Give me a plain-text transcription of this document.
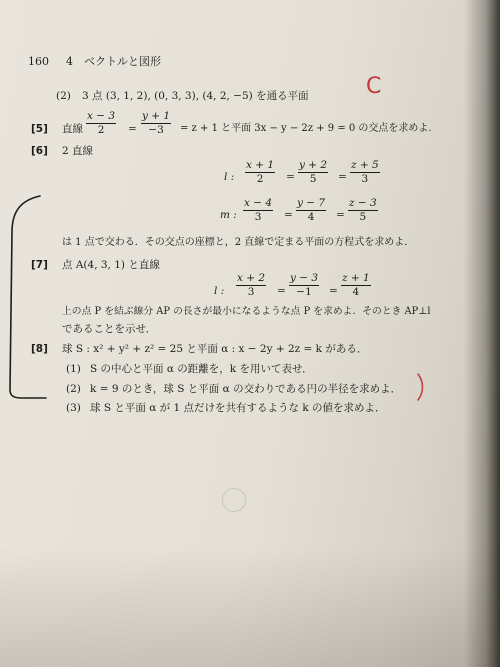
160 4　ベクトルと図形
(2) 3 点 (3, 1, 2), (0, 3, 3), (4, 2, −5) を通る平面	C
[5] 直線
x − 3
2 =
y + 1
−3 = z + 1 と平面 3x − y − 2z + 9 = 0 の交点を求めよ.
[6] 2 直線
l :
x + 1
2 =
y + 2
5 =
z + 5
3
m :
x − 4
3 =
y − 7
4 =
z − 3
5
は 1 点で交わる．その交点の座標と，2 直線で定まる平面の方程式を求めよ．
[7] 点 A(4, 3, 1) と直線
l :
x + 2
3 =
y − 3
−1 =
z + 1
4
上の点 P を結ぶ線分 AP の長さが最小になるような点 P を求めよ．そのとき AP⊥l
であることを示せ．
[8] 球 S : x² + y² + z² = 25 と平面 α : x − 2y + 2z = k がある．
(1) S の中心と平面 α の距離を，k を用いて表せ．
(2) k = 9 のとき，球 S と平面 α の交わりである円の半径を求めよ．
(3) 球 S と平面 α が 1 点だけを共有するような k の値を求めよ．
